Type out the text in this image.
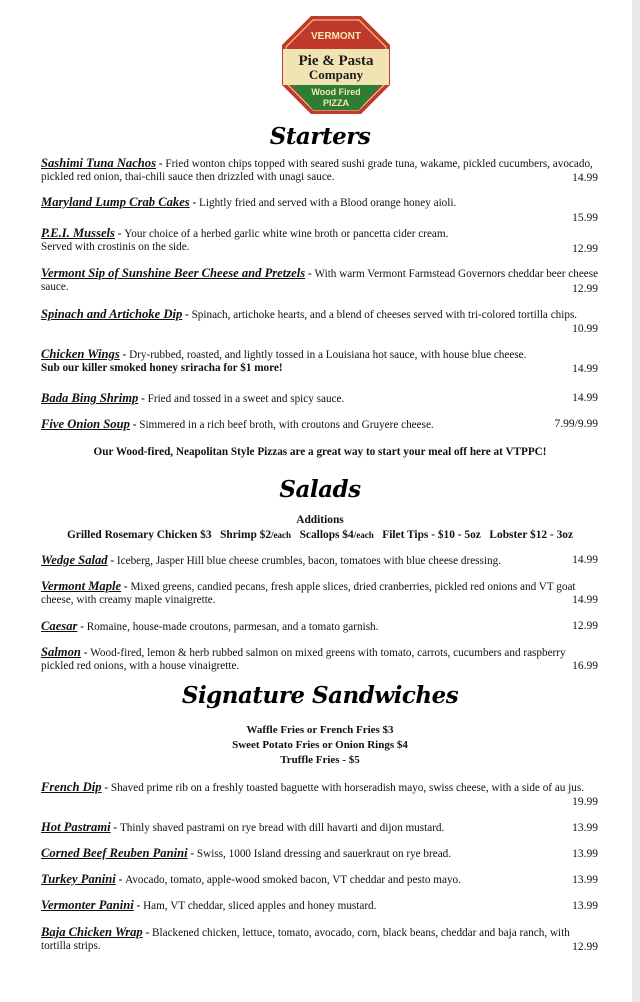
VERMONT
Pie & Pasta
Company
Wood Fired
PIZZA
Starters
Sashimi Tuna Nachos - Fried wonton chips topped with seared sushi grade tuna, wakame, pickled cucumbers, avocado, pickled red onion, thai-chili sauce then drizzled with unagi sauce.	14.99
Maryland Lump Crab Cakes - Lightly fried and served with a Blood orange honey aioli.
15.99
P.E.I. Mussels - Your choice of a herbed garlic white wine broth or pancetta cider cream.
Served with crostinis on the side.	12.99
Vermont Sip of Sunshine Beer Cheese and Pretzels - With warm Vermont Farmstead Governors cheddar beer cheese sauce.	12.99
Spinach and Artichoke Dip - Spinach, artichoke hearts, and a blend of cheeses served with tri-colored tortilla chips.
10.99
Chicken Wings - Dry-rubbed, roasted, and lightly tossed in a Louisiana hot sauce, with house blue cheese.
Sub our killer smoked honey sriracha for $1 more!	14.99
Bada Bing Shrimp - Fried and tossed in a sweet and spicy sauce.	14.99
Five Onion Soup - Simmered in a rich beef broth, with croutons and Gruyere cheese.	7.99/9.99
Our Wood-fired, Neapolitan Style Pizzas are a great way to start your meal off here at VTPPC!
Salads
Additions
Grilled Rosemary Chicken $3 Shrimp $2/each Scallops $4/each Filet Tips - $10 - 5oz Lobster $12 - 3oz
Wedge Salad - Iceberg, Jasper Hill blue cheese crumbles, bacon, tomatoes with blue cheese dressing.	14.99
Vermont Maple - Mixed greens, candied pecans, fresh apple slices, dried cranberries, pickled red onions and VT goat cheese, with creamy maple vinaigrette.	14.99
Caesar - Romaine, house-made croutons, parmesan, and a tomato garnish.	12.99
Salmon - Wood-fired, lemon & herb rubbed salmon on mixed greens with tomato, carrots, cucumbers and raspberry pickled red onions, with a house vinaigrette.	16.99
Signature Sandwiches
Waffle Fries or French Fries $3
Sweet Potato Fries or Onion Rings $4
Truffle Fries - $5
French Dip - Shaved prime rib on a freshly toasted baguette with horseradish mayo, swiss cheese, with a side of au jus.
19.99
Hot Pastrami - Thinly shaved pastrami on rye bread with dill havarti and dijon mustard.	13.99
Corned Beef Reuben Panini - Swiss, 1000 Island dressing and sauerkraut on rye bread.	13.99
Turkey Panini - Avocado, tomato, apple-wood smoked bacon, VT cheddar and pesto mayo.	13.99
Vermonter Panini - Ham, VT cheddar, sliced apples and honey mustard.	13.99
Baja Chicken Wrap - Blackened chicken, lettuce, tomato, avocado, corn, black beans, cheddar and baja ranch, with tortilla strips.	12.99
